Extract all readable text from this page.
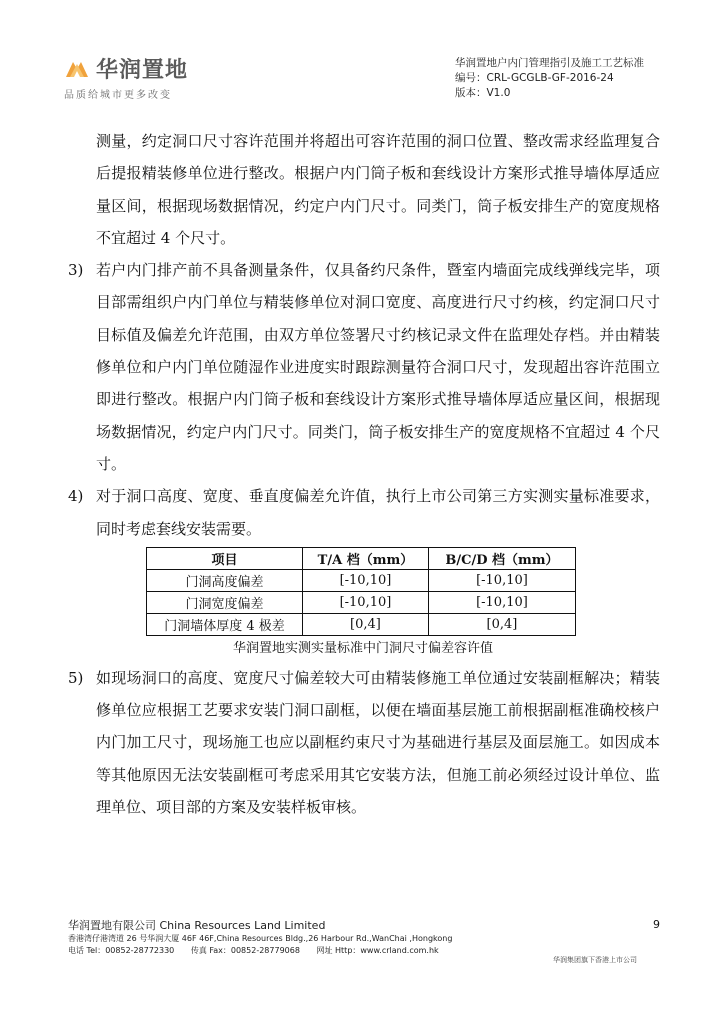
华润置地
品质给城市更多改变
华润置地户内门管理指引及施工工艺标准
编号：CRL-GCGLB-GF-2016-24
版本：V1.0

测量，约定洞口尺寸容许范围并将超出可容许范围的洞口位置、整改需求经监理复合后提报精装修单位进行整改。根据户内门筒子板和套线设计方案形式推导墙体厚适应量区间，根据现场数据情况，约定户内门尺寸。同类门，筒子板安排生产的宽度规格不宜超过 4 个尺寸。

3) 若户内门排产前不具备测量条件，仅具备约尺条件，暨室内墙面完成线弹线完毕，项目部需组织户内门单位与精装修单位对洞口宽度、高度进行尺寸约核，约定洞口尺寸目标值及偏差允许范围，由双方单位签署尺寸约核记录文件在监理处存档。并由精装修单位和户内门单位随湿作业进度实时跟踪测量符合洞口尺寸，发现超出容许范围立即进行整改。根据户内门筒子板和套线设计方案形式推导墙体厚适应量区间，根据现场数据情况，约定户内门尺寸。同类门，筒子板安排生产的宽度规格不宜超过 4 个尺寸。
4) 对于洞口高度、宽度、垂直度偏差允许值，执行上市公司第三方实测实量标准要求，同时考虑套线安装需要。
项目	T/A 档（mm）	B/C/D 档（mm）
门洞高度偏差	[-10,10]	[-10,10]
门洞宽度偏差	[-10,10]	[-10,10]
门洞墙体厚度 4 极差	[0,4]	[0,4]
华润置地实测实量标准中门洞尺寸偏差容许值
5) 如现场洞口的高度、宽度尺寸偏差较大可由精装修施工单位通过安装副框解决；精装修单位应根据工艺要求安装门洞口副框，以便在墙面基层施工前根据副框准确校核户内门加工尺寸，现场施工也应以副框约束尺寸为基础进行基层及面层施工。如因成本等其他原因无法安装副框可考虑采用其它安装方法，但施工前必须经过设计单位、监理单位、项目部的方案及安装样板审核。
9
华润置地有限公司 China Resources Land Limited
香港湾仔港湾道 26 号华润大厦 46F 46F,China Resources Bldg.,26 Harbour Rd.,WanChai ,Hongkong
电话 Tel：00852-28772330 传真 Fax：00852-28779068 网址 Http：www.crland.com.hk
华润集团旗下香港上市公司
